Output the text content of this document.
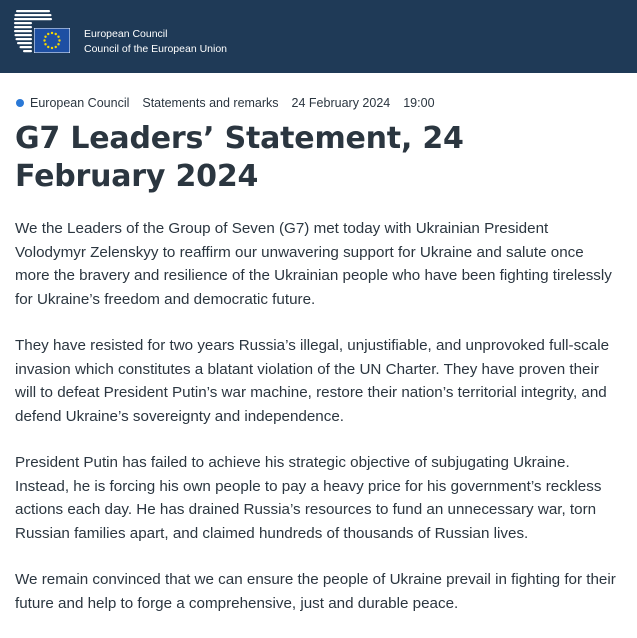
European Council
Council of the European Union
European Council Statements and remarks 24 February 2024 19:00
G7 Leaders’ Statement, 24 February 2024

We the Leaders of the Group of Seven (G7) met today with Ukrainian President Volodymyr Zelenskyy to reaffirm our unwavering support for Ukraine and salute once more the bravery and resilience of the Ukrainian people who have been fighting tirelessly for Ukraine’s freedom and democratic future.

They have resisted for two years Russia’s illegal, unjustifiable, and unprovoked full-scale invasion which constitutes a blatant violation of the UN Charter. They have proven their will to defeat President Putin’s war machine, restore their nation’s territorial integrity, and defend Ukraine’s sovereignty and independence.

President Putin has failed to achieve his strategic objective of subjugating Ukraine. Instead, he is forcing his own people to pay a heavy price for his government’s reckless actions each day. He has drained Russia’s resources to fund an unnecessary war, torn Russian families apart, and claimed hundreds of thousands of Russian lives.

We remain convinced that we can ensure the people of Ukraine prevail in fighting for their future and help to forge a comprehensive, just and durable peace.
